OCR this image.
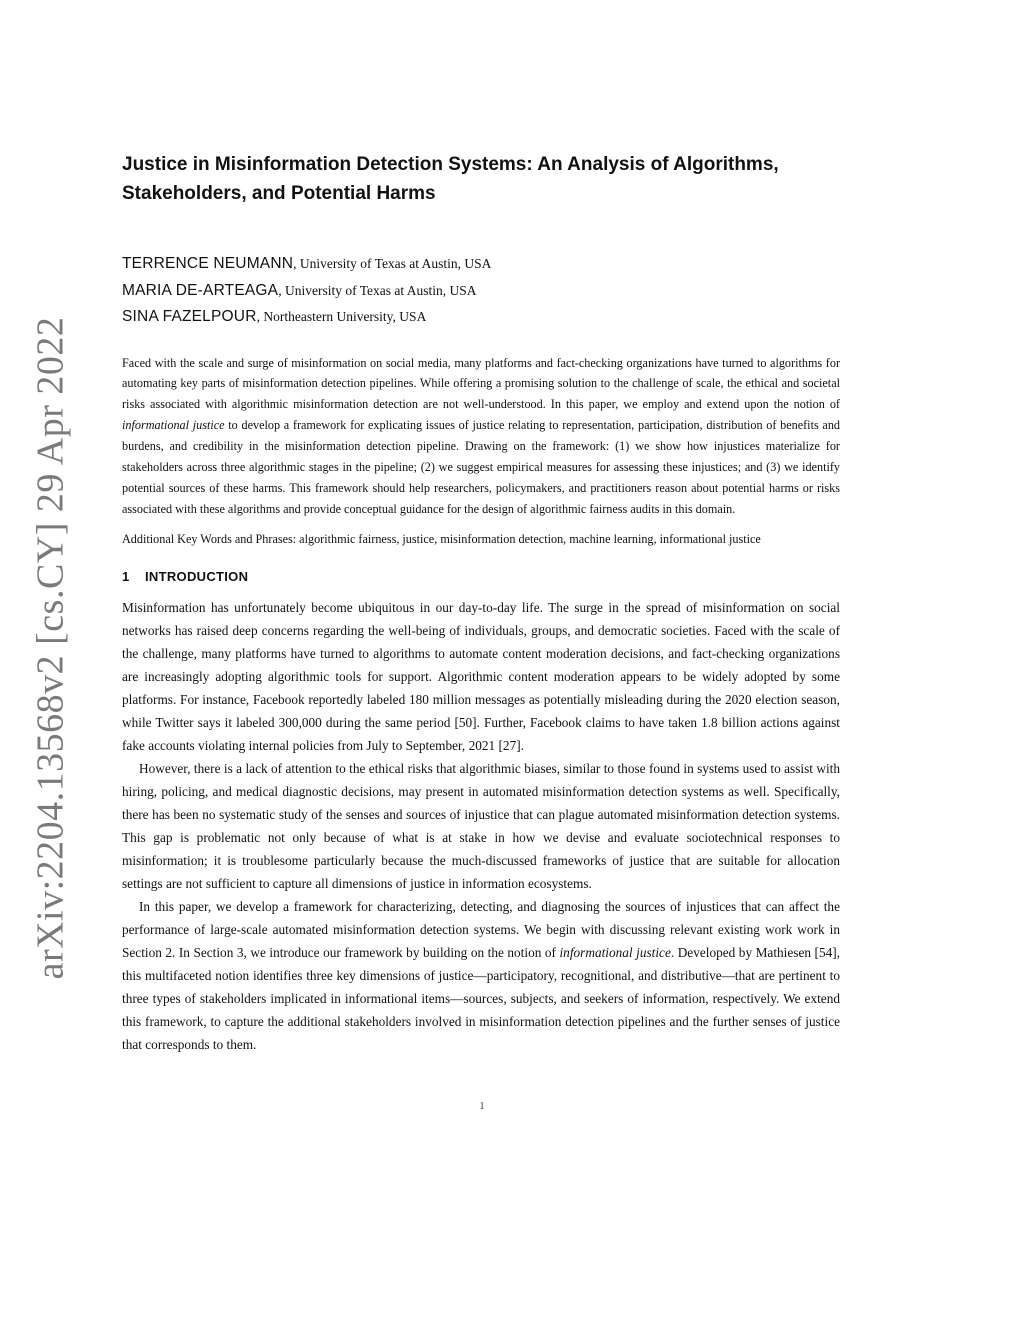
arXiv:2204.13568v2 [cs.CY] 29 Apr 2022
Justice in Misinformation Detection Systems: An Analysis of Algorithms, Stakeholders, and Potential Harms

TERRENCE NEUMANN, University of Texas at Austin, USA

MARIA DE-ARTEAGA, University of Texas at Austin, USA

SINA FAZELPOUR, Northeastern University, USA

Faced with the scale and surge of misinformation on social media, many platforms and fact-checking organizations have turned to algorithms for automating key parts of misinformation detection pipelines. While offering a promising solution to the challenge of scale, the ethical and societal risks associated with algorithmic misinformation detection are not well-understood. In this paper, we employ and extend upon the notion of informational justice to develop a framework for explicating issues of justice relating to representation, participation, distribution of benefits and burdens, and credibility in the misinformation detection pipeline. Drawing on the framework: (1) we show how injustices materialize for stakeholders across three algorithmic stages in the pipeline; (2) we suggest empirical measures for assessing these injustices; and (3) we identify potential sources of these harms. This framework should help researchers, policymakers, and practitioners reason about potential harms or risks associated with these algorithms and provide conceptual guidance for the design of algorithmic fairness audits in this domain.

Additional Key Words and Phrases: algorithmic fairness, justice, misinformation detection, machine learning, informational justice

1 INTRODUCTION

Misinformation has unfortunately become ubiquitous in our day-to-day life. The surge in the spread of misinformation on social networks has raised deep concerns regarding the well-being of individuals, groups, and democratic societies. Faced with the scale of the challenge, many platforms have turned to algorithms to automate content moderation decisions, and fact-checking organizations are increasingly adopting algorithmic tools for support. Algorithmic content moderation appears to be widely adopted by some platforms. For instance, Facebook reportedly labeled 180 million messages as potentially misleading during the 2020 election season, while Twitter says it labeled 300,000 during the same period [50]. Further, Facebook claims to have taken 1.8 billion actions against fake accounts violating internal policies from July to September, 2021 [27].

However, there is a lack of attention to the ethical risks that algorithmic biases, similar to those found in systems used to assist with hiring, policing, and medical diagnostic decisions, may present in automated misinformation detection systems as well. Specifically, there has been no systematic study of the senses and sources of injustice that can plague automated misinformation detection systems. This gap is problematic not only because of what is at stake in how we devise and evaluate sociotechnical responses to misinformation; it is troublesome particularly because the much-discussed frameworks of justice that are suitable for allocation settings are not sufficient to capture all dimensions of justice in information ecosystems.

In this paper, we develop a framework for characterizing, detecting, and diagnosing the sources of injustices that can affect the performance of large-scale automated misinformation detection systems. We begin with discussing relevant existing work work in Section 2. In Section 3, we introduce our framework by building on the notion of informational justice. Developed by Mathiesen [54], this multifaceted notion identifies three key dimensions of justice—participatory, recognitional, and distributive—that are pertinent to three types of stakeholders implicated in informational items—sources, subjects, and seekers of information, respectively. We extend this framework, to capture the additional stakeholders involved in misinformation detection pipelines and the further senses of justice that corresponds to them.

1
